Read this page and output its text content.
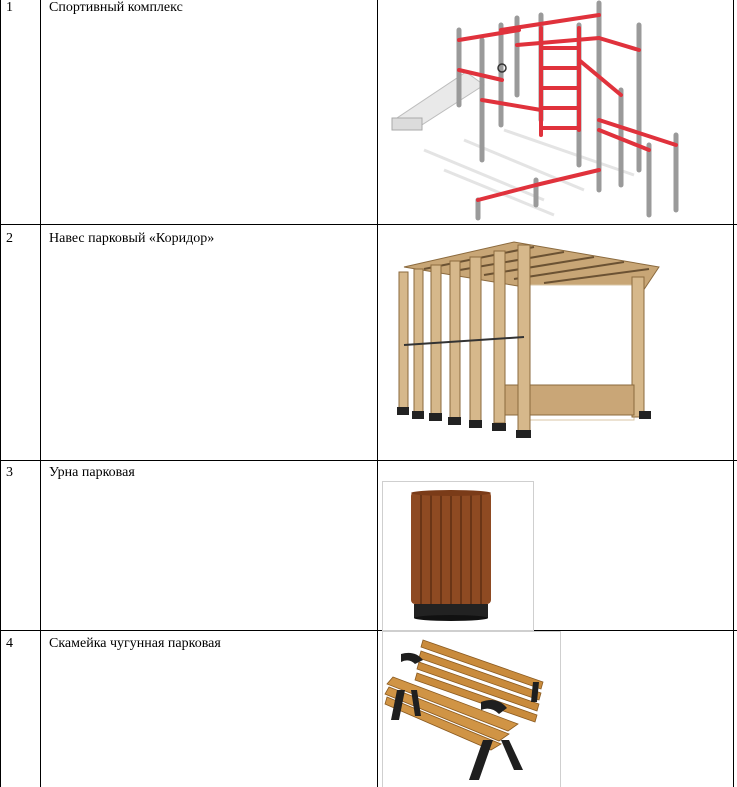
1	Спортивный комплекс
2	Навес парковый «Коридор»
3	Урна парковая
4	Скамейка чугунная парковая
